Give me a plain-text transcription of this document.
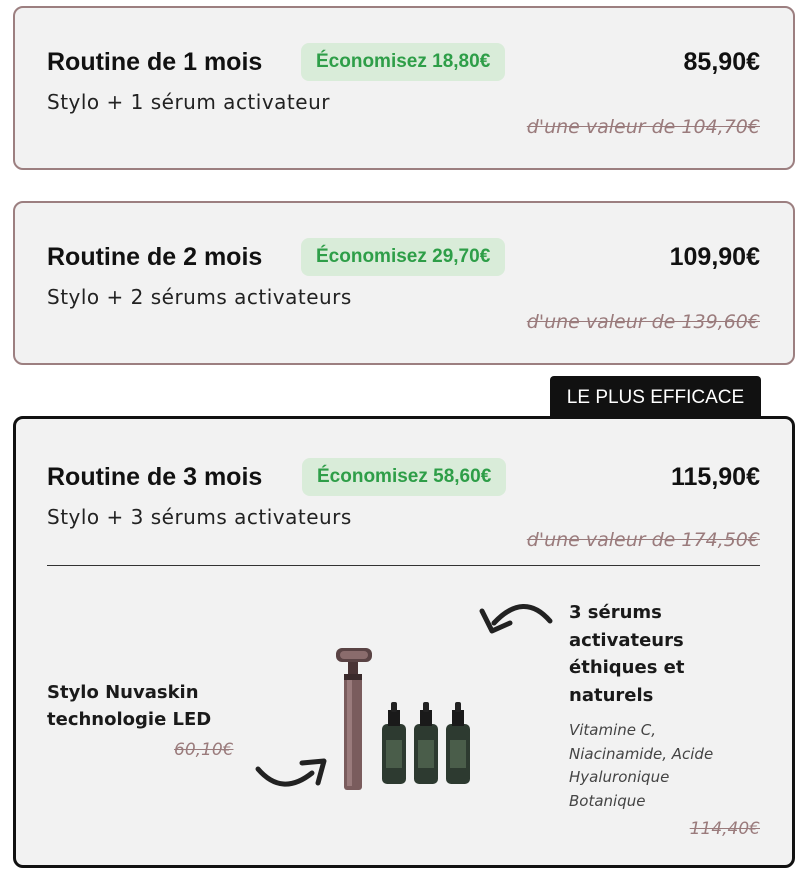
Routine de 1 mois	Économisez 18,80€	85,90€
Stylo + 1 sérum activateur
d'une valeur de 104,70€
Routine de 2 mois	Économisez 29,70€	109,90€
Stylo + 2 sérums activateurs
d'une valeur de 139,60€
Routine de 3 mois	Économisez 58,60€	115,90€
Stylo + 3 sérums activateurs
d'une valeur de 174,50€
Stylo Nuvaskin
technologie LED
60,10€
3 sérums
activateurs
éthiques et
naturels
Vitamine C,
Niacinamide, Acide
Hyaluronique
Botanique
114,40€
LE PLUS EFFICACE
